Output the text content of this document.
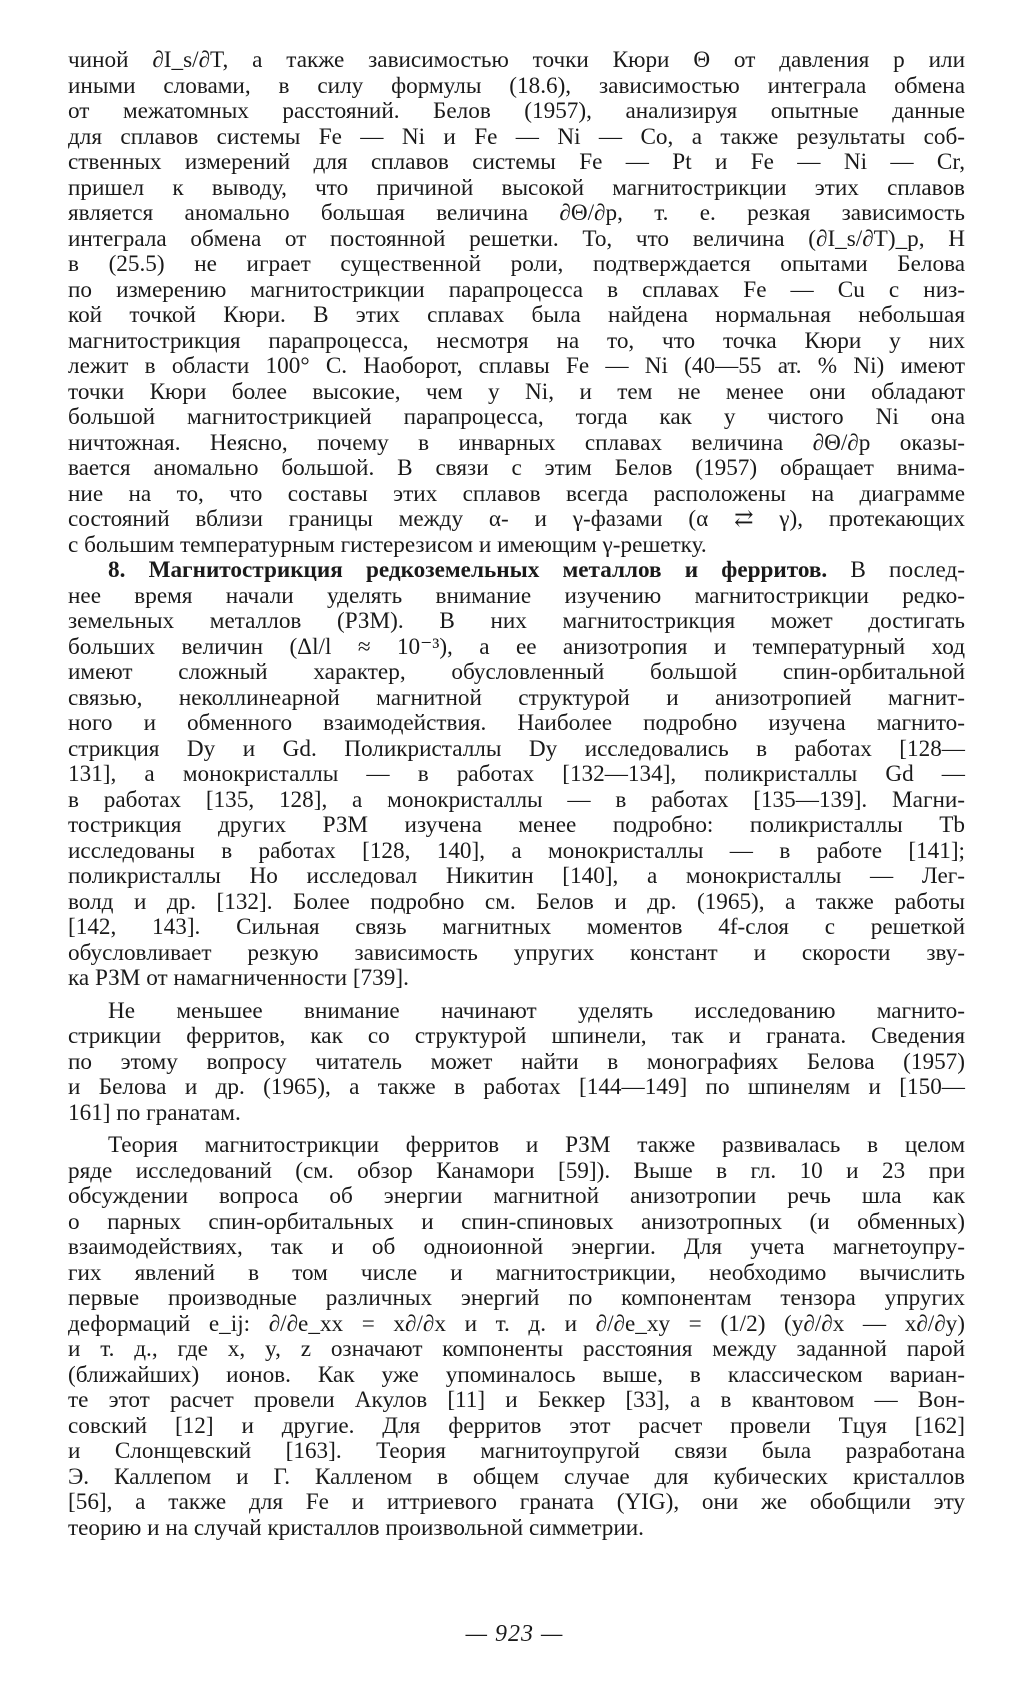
чиной ∂I_s/∂T, а также зависимостью точки Кюри Θ от давления p или
иными словами, в силу формулы (18.6), зависимостью интеграла обмена
от межатомных расстояний. Белов (1957), анализируя опытные данные
для сплавов системы Fe — Ni и Fe — Ni — Co, а также результаты соб-
ственных измерений для сплавов системы Fe — Pt и Fe — Ni — Cr,
пришел к выводу, что причиной высокой магнитострикции этих сплавов
является аномально большая величина ∂Θ/∂p, т. е. резкая зависимость
интеграла обмена от постоянной решетки. То, что величина (∂I_s/∂T)_p, H
в (25.5) не играет существенной роли, подтверждается опытами Белова
по измерению магнитострикции парапроцесса в сплавах Fe — Cu с низ-
кой точкой Кюри. В этих сплавах была найдена нормальная небольшая
магнитострикция парапроцесса, несмотря на то, что точка Кюри у них
лежит в области 100° С. Наоборот, сплавы Fe — Ni (40—55 ат. % Ni) имеют
точки Кюри более высокие, чем у Ni, и тем не менее они обладают
большой магнитострикцией парапроцесса, тогда как у чистого Ni она
ничтожная. Неясно, почему в инварных сплавах величина ∂Θ/∂p оказы-
вается аномально большой. В связи с этим Белов (1957) обращает внима-
ние на то, что составы этих сплавов всегда расположены на диаграмме
состояний вблизи границы между α- и γ-фазами (α ⇄ γ), протекающих
с большим температурным гистерезисом и имеющим γ-решетку.
8. Магнитострикция редкоземельных металлов и ферритов. В послед-
нее время начали уделять внимание изучению магнитострикции редко-
земельных металлов (РЗМ). В них магнитострикция может достигать
больших величин (Δl/l ≈ 10⁻³), а ее анизотропия и температурный ход
имеют сложный характер, обусловленный большой спин-орбитальной
связью, неколлинеарной магнитной структурой и анизотропией магнит-
ного и обменного взаимодействия. Наиболее подробно изучена магнито-
стрикция Dy и Gd. Поликристаллы Dy исследовались в работах [128—
131], а монокристаллы — в работах [132—134], поликристаллы Gd —
в работах [135, 128], а монокристаллы — в работах [135—139]. Магни-
тострикция других РЗМ изучена менее подробно: поликристаллы Tb
исследованы в работах [128, 140], а монокристаллы — в работе [141];
поликристаллы Но исследовал Никитин [140], а монокристаллы — Лег-
волд и др. [132]. Более подробно см. Белов и др. (1965), а также работы
[142, 143]. Сильная связь магнитных моментов 4f-слоя с решеткой
обусловливает резкую зависимость упругих констант и скорости зву-
ка РЗМ от намагниченности [739].
Не меньшее внимание начинают уделять исследованию магнито-
стрикции ферритов, как со структурой шпинели, так и граната. Сведения
по этому вопросу читатель может найти в монографиях Белова (1957)
и Белова и др. (1965), а также в работах [144—149] по шпинелям и [150—
161] по гранатам.
Теория магнитострикции ферритов и РЗМ также развивалась в целом
ряде исследований (см. обзор Канамори [59]). Выше в гл. 10 и 23 при
обсуждении вопроса об энергии магнитной анизотропии речь шла как
о парных спин-орбитальных и спин-спиновых анизотропных (и обменных)
взаимодействиях, так и об одноионной энергии. Для учета магнетоупру-
гих явлений в том числе и магнитострикции, необходимо вычислить
первые производные различных энергий по компонентам тензора упругих
деформаций e_ij: ∂/∂e_xx = x∂/∂x и т. д. и ∂/∂e_xy = (1/2) (y∂/∂x — x∂/∂y)
и т. д., где x, y, z означают компоненты расстояния между заданной парой
(ближайших) ионов. Как уже упоминалось выше, в классическом вариан-
те этот расчет провели Акулов [11] и Беккер [33], а в квантовом — Вон-
совский [12] и другие. Для ферритов этот расчет провели Тцуя [162]
и Слонщевский [163]. Теория магнитоупругой связи была разработана
Э. Каллепом и Г. Калленом в общем случае для кубических кристаллов
[56], а также для Fe и иттриевого граната (YIG), они же обобщили эту
теорию и на случай кристаллов произвольной симметрии.
— 923 —
